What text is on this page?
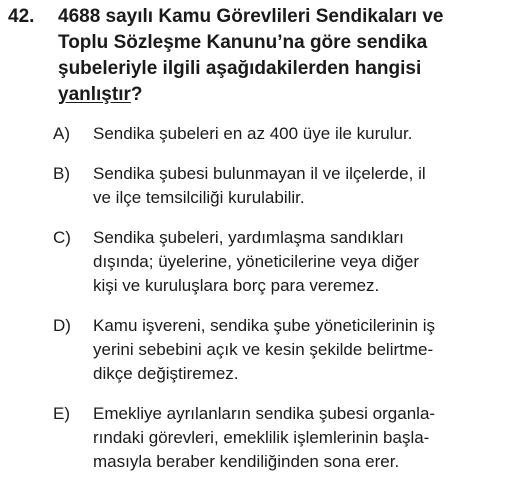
42.	4688 sayılı Kamu Görevlileri Sendikaları ve
Toplu Sözleşme Kanunu’na göre sendika
şubeleriyle ilgili aşağıdakilerden hangisi
yanlıştır?
A)	Sendika şubeleri en az 400 üye ile kurulur.
B)	Sendika şubesi bulunmayan il ve ilçelerde, il
ve ilçe temsilciliği kurulabilir.
C)	Sendika şubeleri, yardımlaşma sandıkları
dışında; üyelerine, yöneticilerine veya diğer
kişi ve kuruluşlara borç para veremez.
D)	Kamu işvereni, sendika şube yöneticilerinin iş
yerini sebebini açık ve kesin şekilde belirtme-
dikçe değiştiremez.
E)	Emekliye ayrılanların sendika şubesi organla-
rındaki görevleri, emeklilik işlemlerinin başla-
masıyla beraber kendiliğinden sona erer.
